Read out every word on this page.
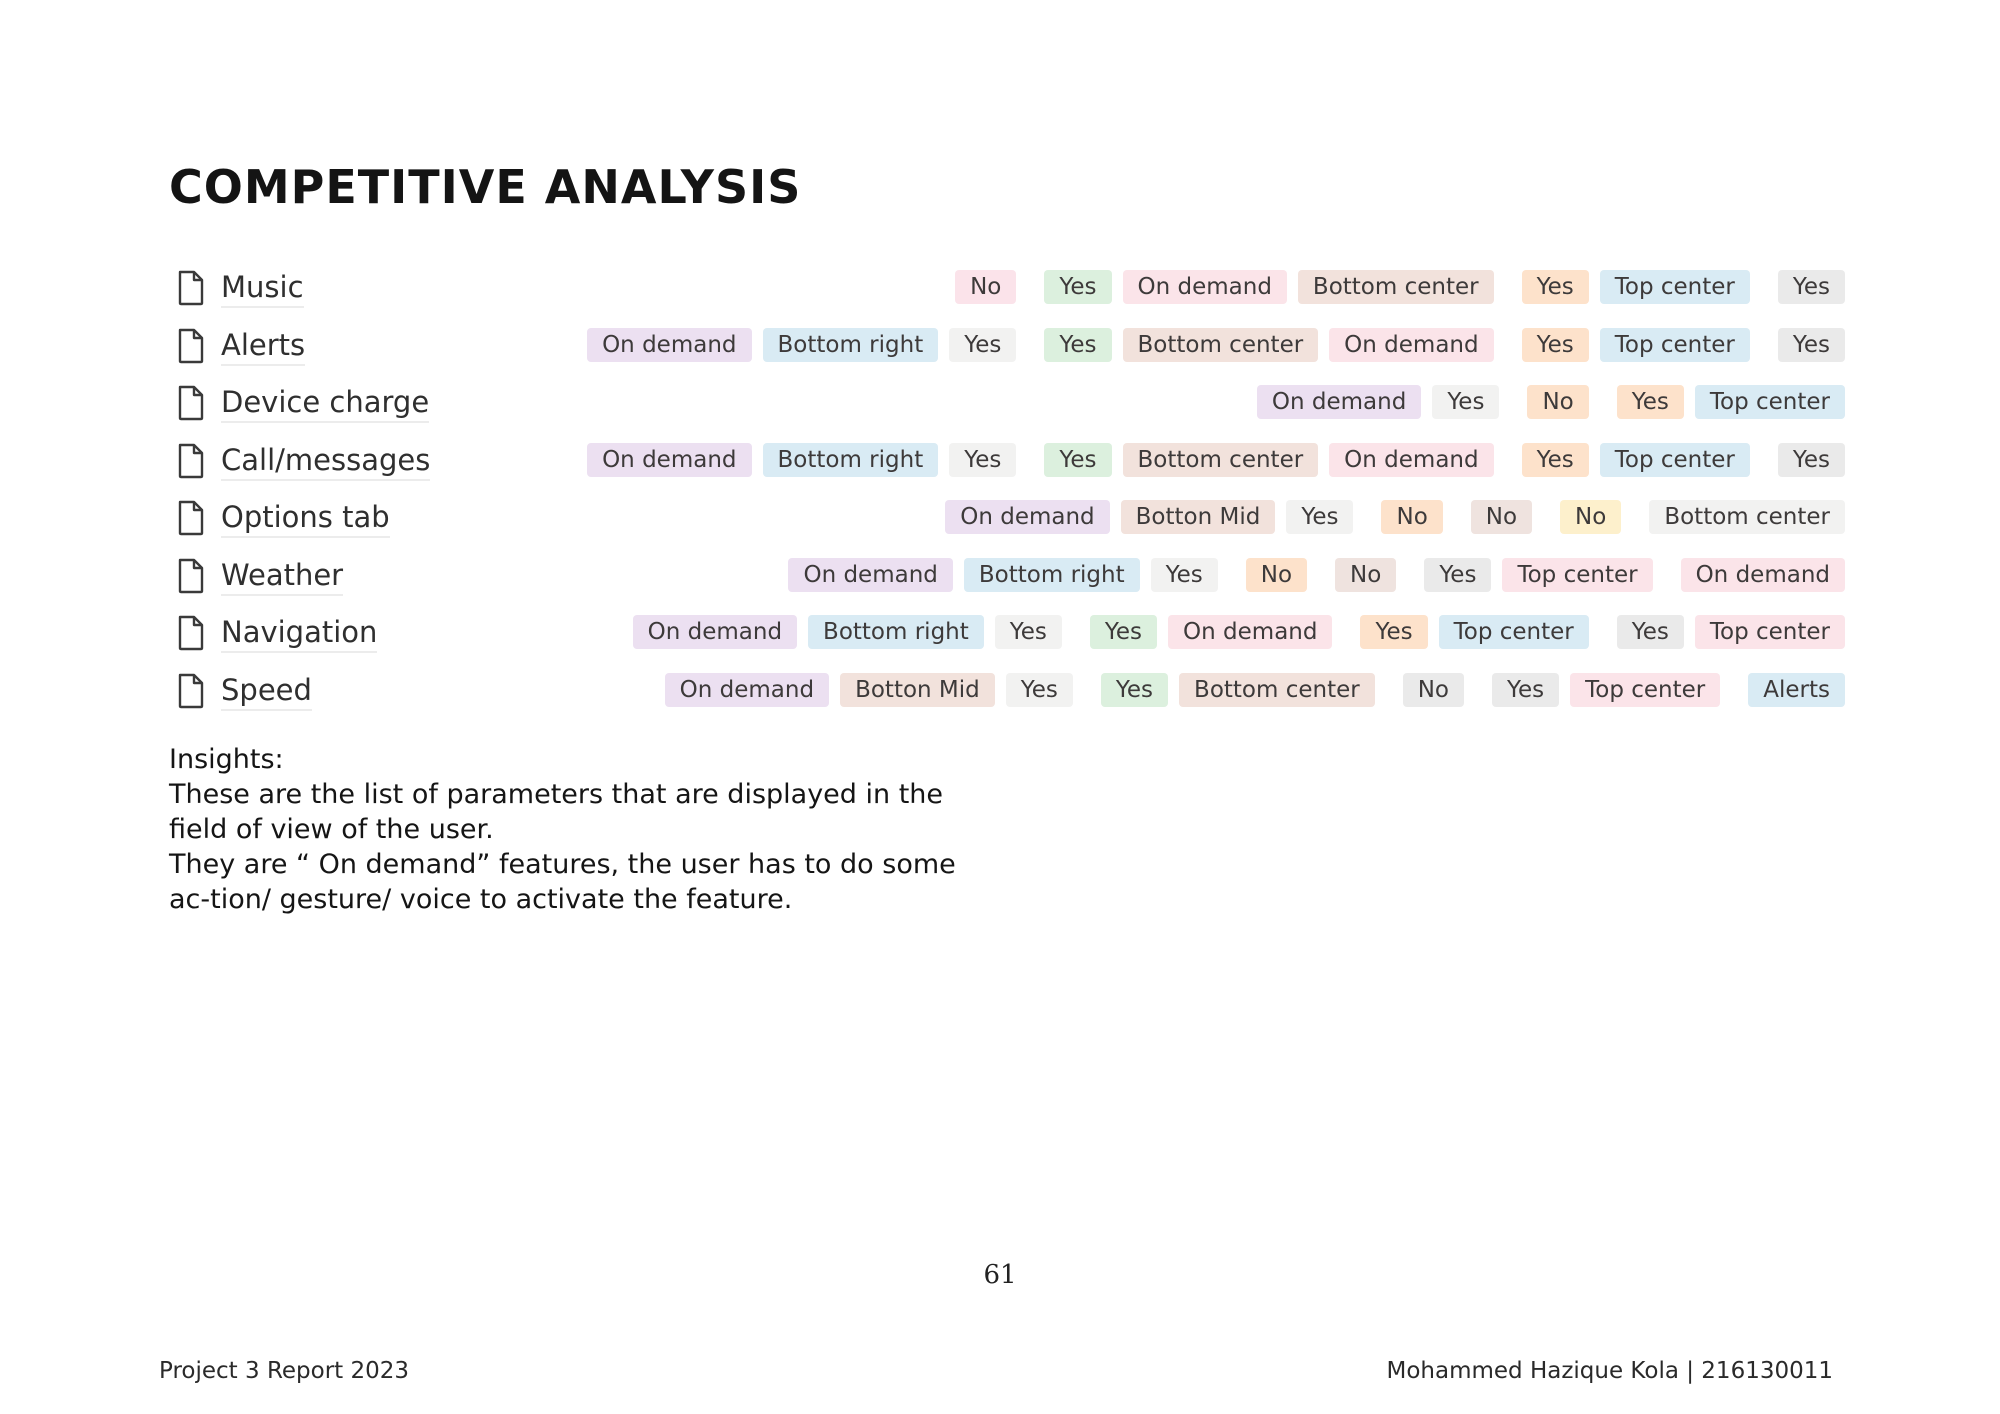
COMPETITIVE ANALYSIS
Music	No	Yes	On demand	Bottom center	Yes	Top center	Yes
Alerts	On demand	Bottom right	Yes	Yes	Bottom center	On demand	Yes	Top center	Yes
Device charge	On demand	Yes	No	Yes	Top center
Call/messages	On demand	Bottom right	Yes	Yes	Bottom center	On demand	Yes	Top center	Yes
Options tab	On demand	Botton Mid	Yes	No	No	No	Bottom center
Weather	On demand	Bottom right	Yes	No	No	Yes	Top center	On demand
Navigation	On demand	Bottom right	Yes	Yes	On demand	Yes	Top center	Yes	Top center
Speed	On demand	Botton Mid	Yes	Yes	Bottom center	No	Yes	Top center	Alerts

Insights:

These are the list of parameters that are displayed in the field of view of the user.

They are “ On demand” features, the user has to do some ac-tion/ gesture/ voice to activate the feature.

61
Project 3 Report 2023	Mohammed Hazique Kola | 216130011
